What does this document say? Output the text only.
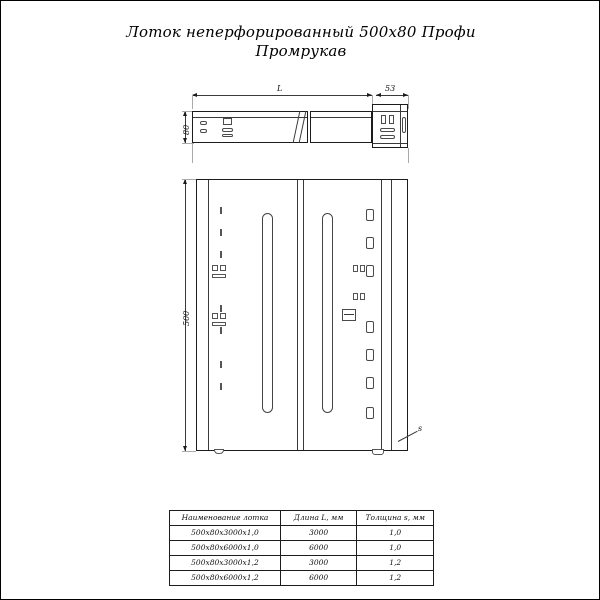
Лоток неперфорированный 500х80 Профи
Промрукав
L	53
80
500
s
Наименование лотка	Длина L, мм	Толщина s, мм
500х80х3000х1,0	3000	1,0
500х80х6000х1,0	6000	1,0
500х80х3000х1,2	3000	1,2
500х80х6000х1,2	6000	1,2
